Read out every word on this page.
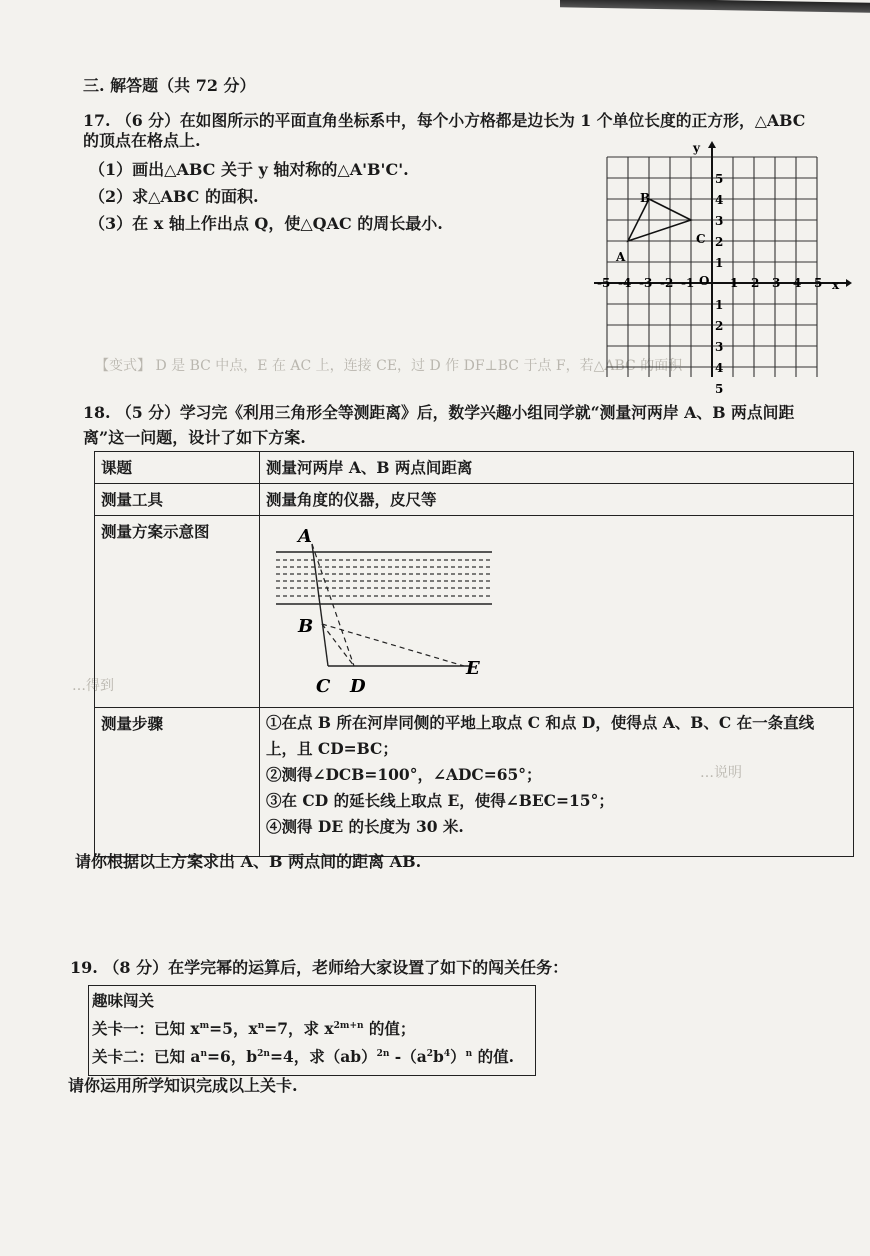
【变式】 D 是 BC 中点，E 在 AC 上，连接 CE，过 D 作 DF⊥BC 于点 F，若△ABC 的面积
…得到
…说明
三. 解答题（共 72 分）
17. （6 分）在如图所示的平面直角坐标系中，每个小方格都是边长为 1 个单位长度的正方形，△ABC
的顶点在格点上.
（1）画出△ABC 关于 y 轴对称的△A'B'C'.
（2）求△ABC 的面积.
（3）在 x 轴上作出点 Q，使△QAC 的周长最小.
A
B
C
O	x
y
-5 -4 -3 -2 -1	1 2 3 4 5
5
4
3
2
1
1
2
3
4
5
18. （5 分）学习完《利用三角形全等测距离》后，数学兴趣小组同学就“测量河两岸 A、B 两点间距
离”这一问题，设计了如下方案.
课题	测量河两岸 A、B 两点间距离
测量工具	测量角度的仪器，皮尺等
测量方案示意图	A
B
C D
E

测量步骤	①在点 B 所在河岸同侧的平地上取点 C 和点 D，使得点 A、B、C 在一条直线
上，且 CD=BC；
②测得∠DCB=100°，∠ADC=65°；
③在 CD 的延长线上取点 E，使得∠BEC=15°；
④测得 DE 的长度为 30 米.
请你根据以上方案求出 A、B 两点间的距离 AB.
19. （8 分）在学完幂的运算后，老师给大家设置了如下的闯关任务：
趣味闯关
关卡一：已知 $x^m=5$，$x^n=7$，求 $x^{2m+n}$ 的值；
关卡二：已知 $a^n=6$，$b^{2n}=4$，求（ab）$^{2n}$ $-(a^2b^4)^n$ 的值.
请你运用所学知识完成以上关卡.
